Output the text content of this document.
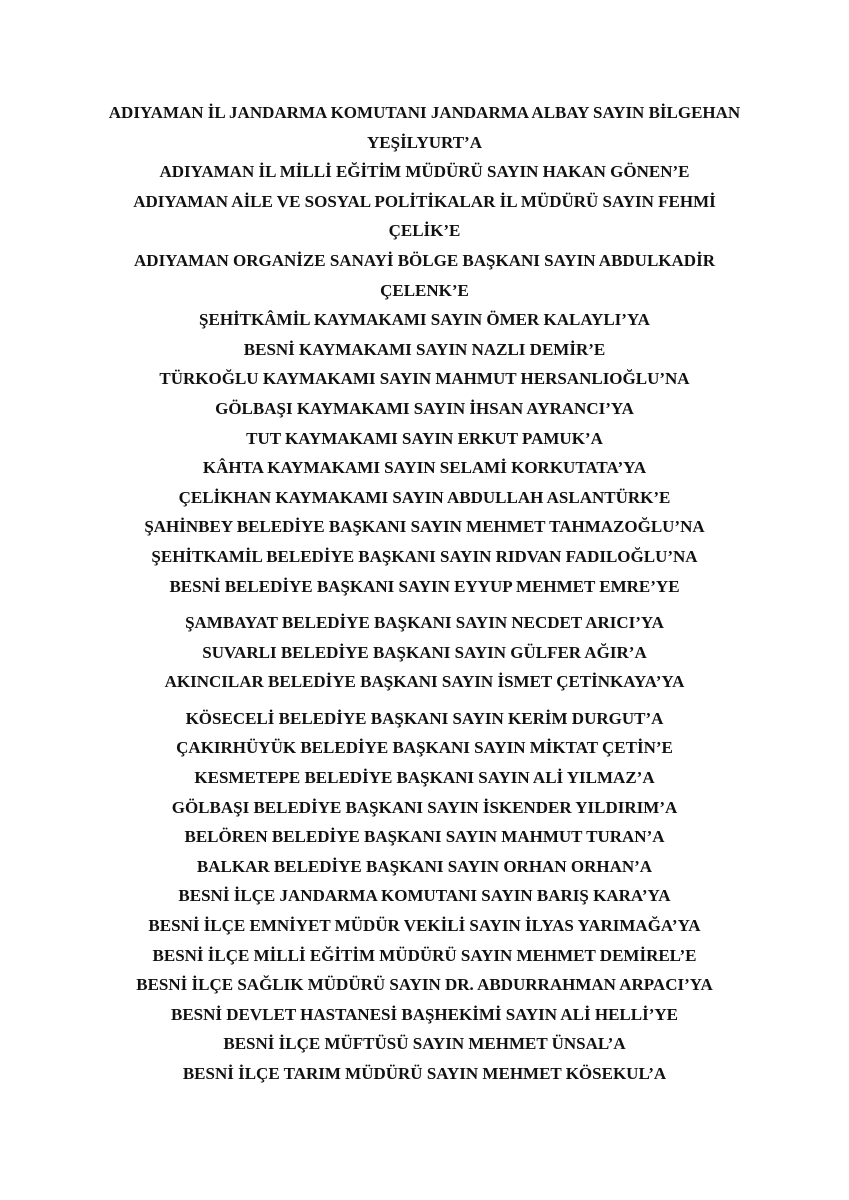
ADIYAMAN İL JANDARMA KOMUTANI JANDARMA ALBAY SAYIN BİLGEHAN
YEŞİLYURT’A
ADIYAMAN İL MİLLİ EĞİTİM MÜDÜRÜ SAYIN HAKAN GÖNEN’E
ADIYAMAN AİLE VE SOSYAL POLİTİKALAR İL MÜDÜRÜ SAYIN FEHMİ
ÇELİK’E
ADIYAMAN ORGANİZE SANAYİ BÖLGE BAŞKANI SAYIN ABDULKADİR
ÇELENK’E
ŞEHİTKÂMİL KAYMAKAMI SAYIN ÖMER KALAYLI’YA
BESNİ KAYMAKAMI SAYIN NAZLI DEMİR’E
TÜRKOĞLU KAYMAKAMI SAYIN MAHMUT HERSANLIOĞLU’NA
GÖLBAŞI KAYMAKAMI SAYIN İHSAN AYRANCI’YA
TUT KAYMAKAMI SAYIN ERKUT PAMUK’A
KÂHTA KAYMAKAMI SAYIN SELAMİ KORKUTATA’YA
ÇELİKHAN KAYMAKAMI SAYIN ABDULLAH ASLANTÜRK’E
ŞAHİNBEY BELEDİYE BAŞKANI SAYIN MEHMET TAHMAZOĞLU’NA
ŞEHİTKAMİL BELEDİYE BAŞKANI SAYIN RIDVAN FADILOĞLU’NA
BESNİ BELEDİYE BAŞKANI SAYIN EYYUP MEHMET EMRE’YE
ŞAMBAYAT BELEDİYE BAŞKANI SAYIN NECDET ARICI’YA
SUVARLI BELEDİYE BAŞKANI SAYIN GÜLFER AĞIR’A
AKINCILAR BELEDİYE BAŞKANI SAYIN İSMET ÇETİNKAYA’YA
KÖSECELİ BELEDİYE BAŞKANI SAYIN KERİM DURGUT’A
ÇAKIRHÜYÜK BELEDİYE BAŞKANI SAYIN MİKTAT ÇETİN’E
KESMETEPE BELEDİYE BAŞKANI SAYIN ALİ YILMAZ’A
GÖLBAŞI BELEDİYE BAŞKANI SAYIN İSKENDER YILDIRIM’A
BELÖREN BELEDİYE BAŞKANI SAYIN MAHMUT TURAN’A
BALKAR BELEDİYE BAŞKANI SAYIN ORHAN ORHAN’A
BESNİ İLÇE JANDARMA KOMUTANI SAYIN BARIŞ KARA’YA
BESNİ İLÇE EMNİYET MÜDÜR VEKİLİ SAYIN İLYAS YARIMAĞA’YA
BESNİ İLÇE MİLLİ EĞİTİM MÜDÜRÜ SAYIN MEHMET DEMİREL’E
BESNİ İLÇE SAĞLIK MÜDÜRÜ SAYIN DR. ABDURRAHMAN ARPACI’YA
BESNİ DEVLET HASTANESİ BAŞHEKİMİ SAYIN ALİ HELLİ’YE
BESNİ İLÇE MÜFTÜSÜ SAYIN MEHMET ÜNSAL’A
BESNİ İLÇE TARIM MÜDÜRÜ SAYIN MEHMET KÖSEKUL’A
